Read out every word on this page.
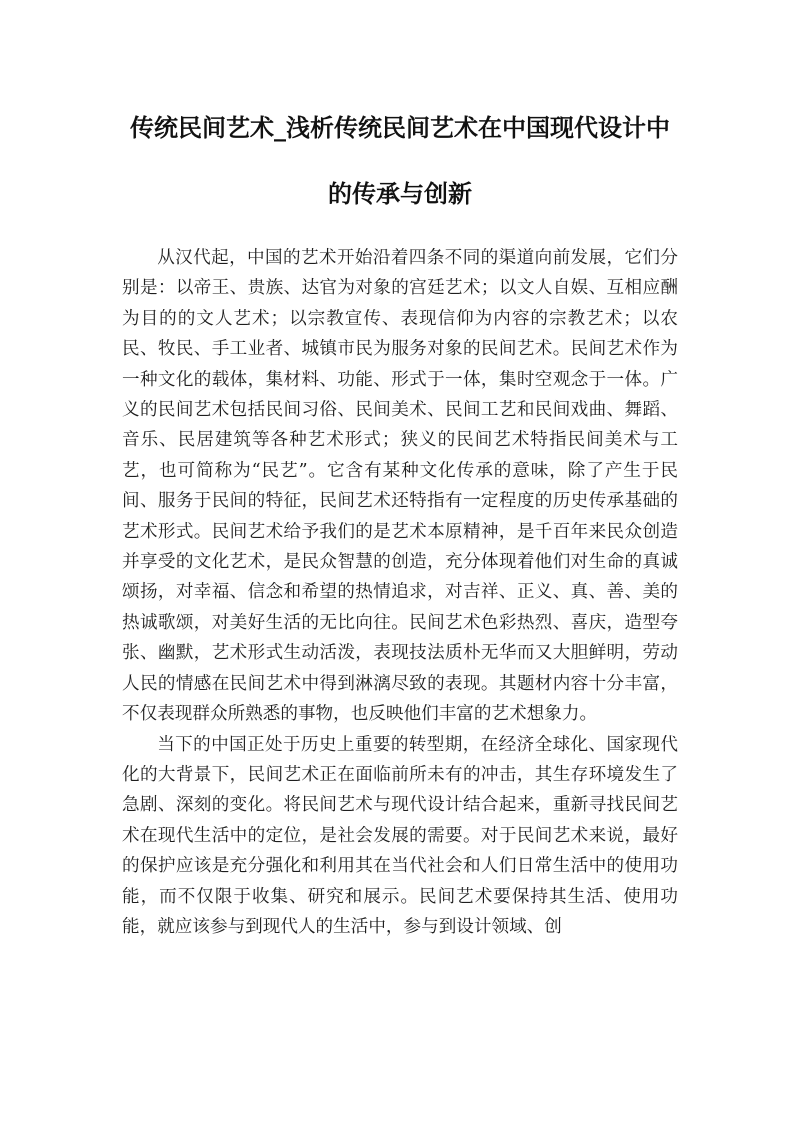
传统民间艺术_浅析传统民间艺术在中国现代设计中
的传承与创新

从汉代起，中国的艺术开始沿着四条不同的渠道向前发展，它们分别是：以帝王、贵族、达官为对象的宫廷艺术；以文人自娱、互相应酬为目的的文人艺术；以宗教宣传、表现信仰为内容的宗教艺术；以农民、牧民、手工业者、城镇市民为服务对象的民间艺术。民间艺术作为一种文化的载体，集材料、功能、形式于一体，集时空观念于一体。广义的民间艺术包括民间习俗、民间美术、民间工艺和民间戏曲、舞蹈、音乐、民居建筑等各种艺术形式；狭义的民间艺术特指民间美术与工艺，也可简称为“民艺”。它含有某种文化传承的意味，除了产生于民间、服务于民间的特征，民间艺术还特指有一定程度的历史传承基础的艺术形式。民间艺术给予我们的是艺术本原精神，是千百年来民众创造并享受的文化艺术，是民众智慧的创造，充分体现着他们对生命的真诚颂扬，对幸福、信念和希望的热情追求，对吉祥、正义、真、善、美的热诚歌颂，对美好生活的无比向往。民间艺术色彩热烈、喜庆，造型夸张、幽默，艺术形式生动活泼，表现技法质朴无华而又大胆鲜明，劳动人民的情感在民间艺术中得到淋漓尽致的表现。其题材内容十分丰富，不仅表现群众所熟悉的事物，也反映他们丰富的艺术想象力。

当下的中国正处于历史上重要的转型期，在经济全球化、国家现代化的大背景下，民间艺术正在面临前所未有的冲击，其生存环境发生了急剧、深刻的变化。将民间艺术与现代设计结合起来，重新寻找民间艺术在现代生活中的定位，是社会发展的需要。对于民间艺术来说，最好的保护应该是充分强化和利用其在当代社会和人们日常生活中的使用功能，而不仅限于收集、研究和展示。民间艺术要保持其生活、使用功能，就应该参与到现代人的生活中，参与到设计领域、创
